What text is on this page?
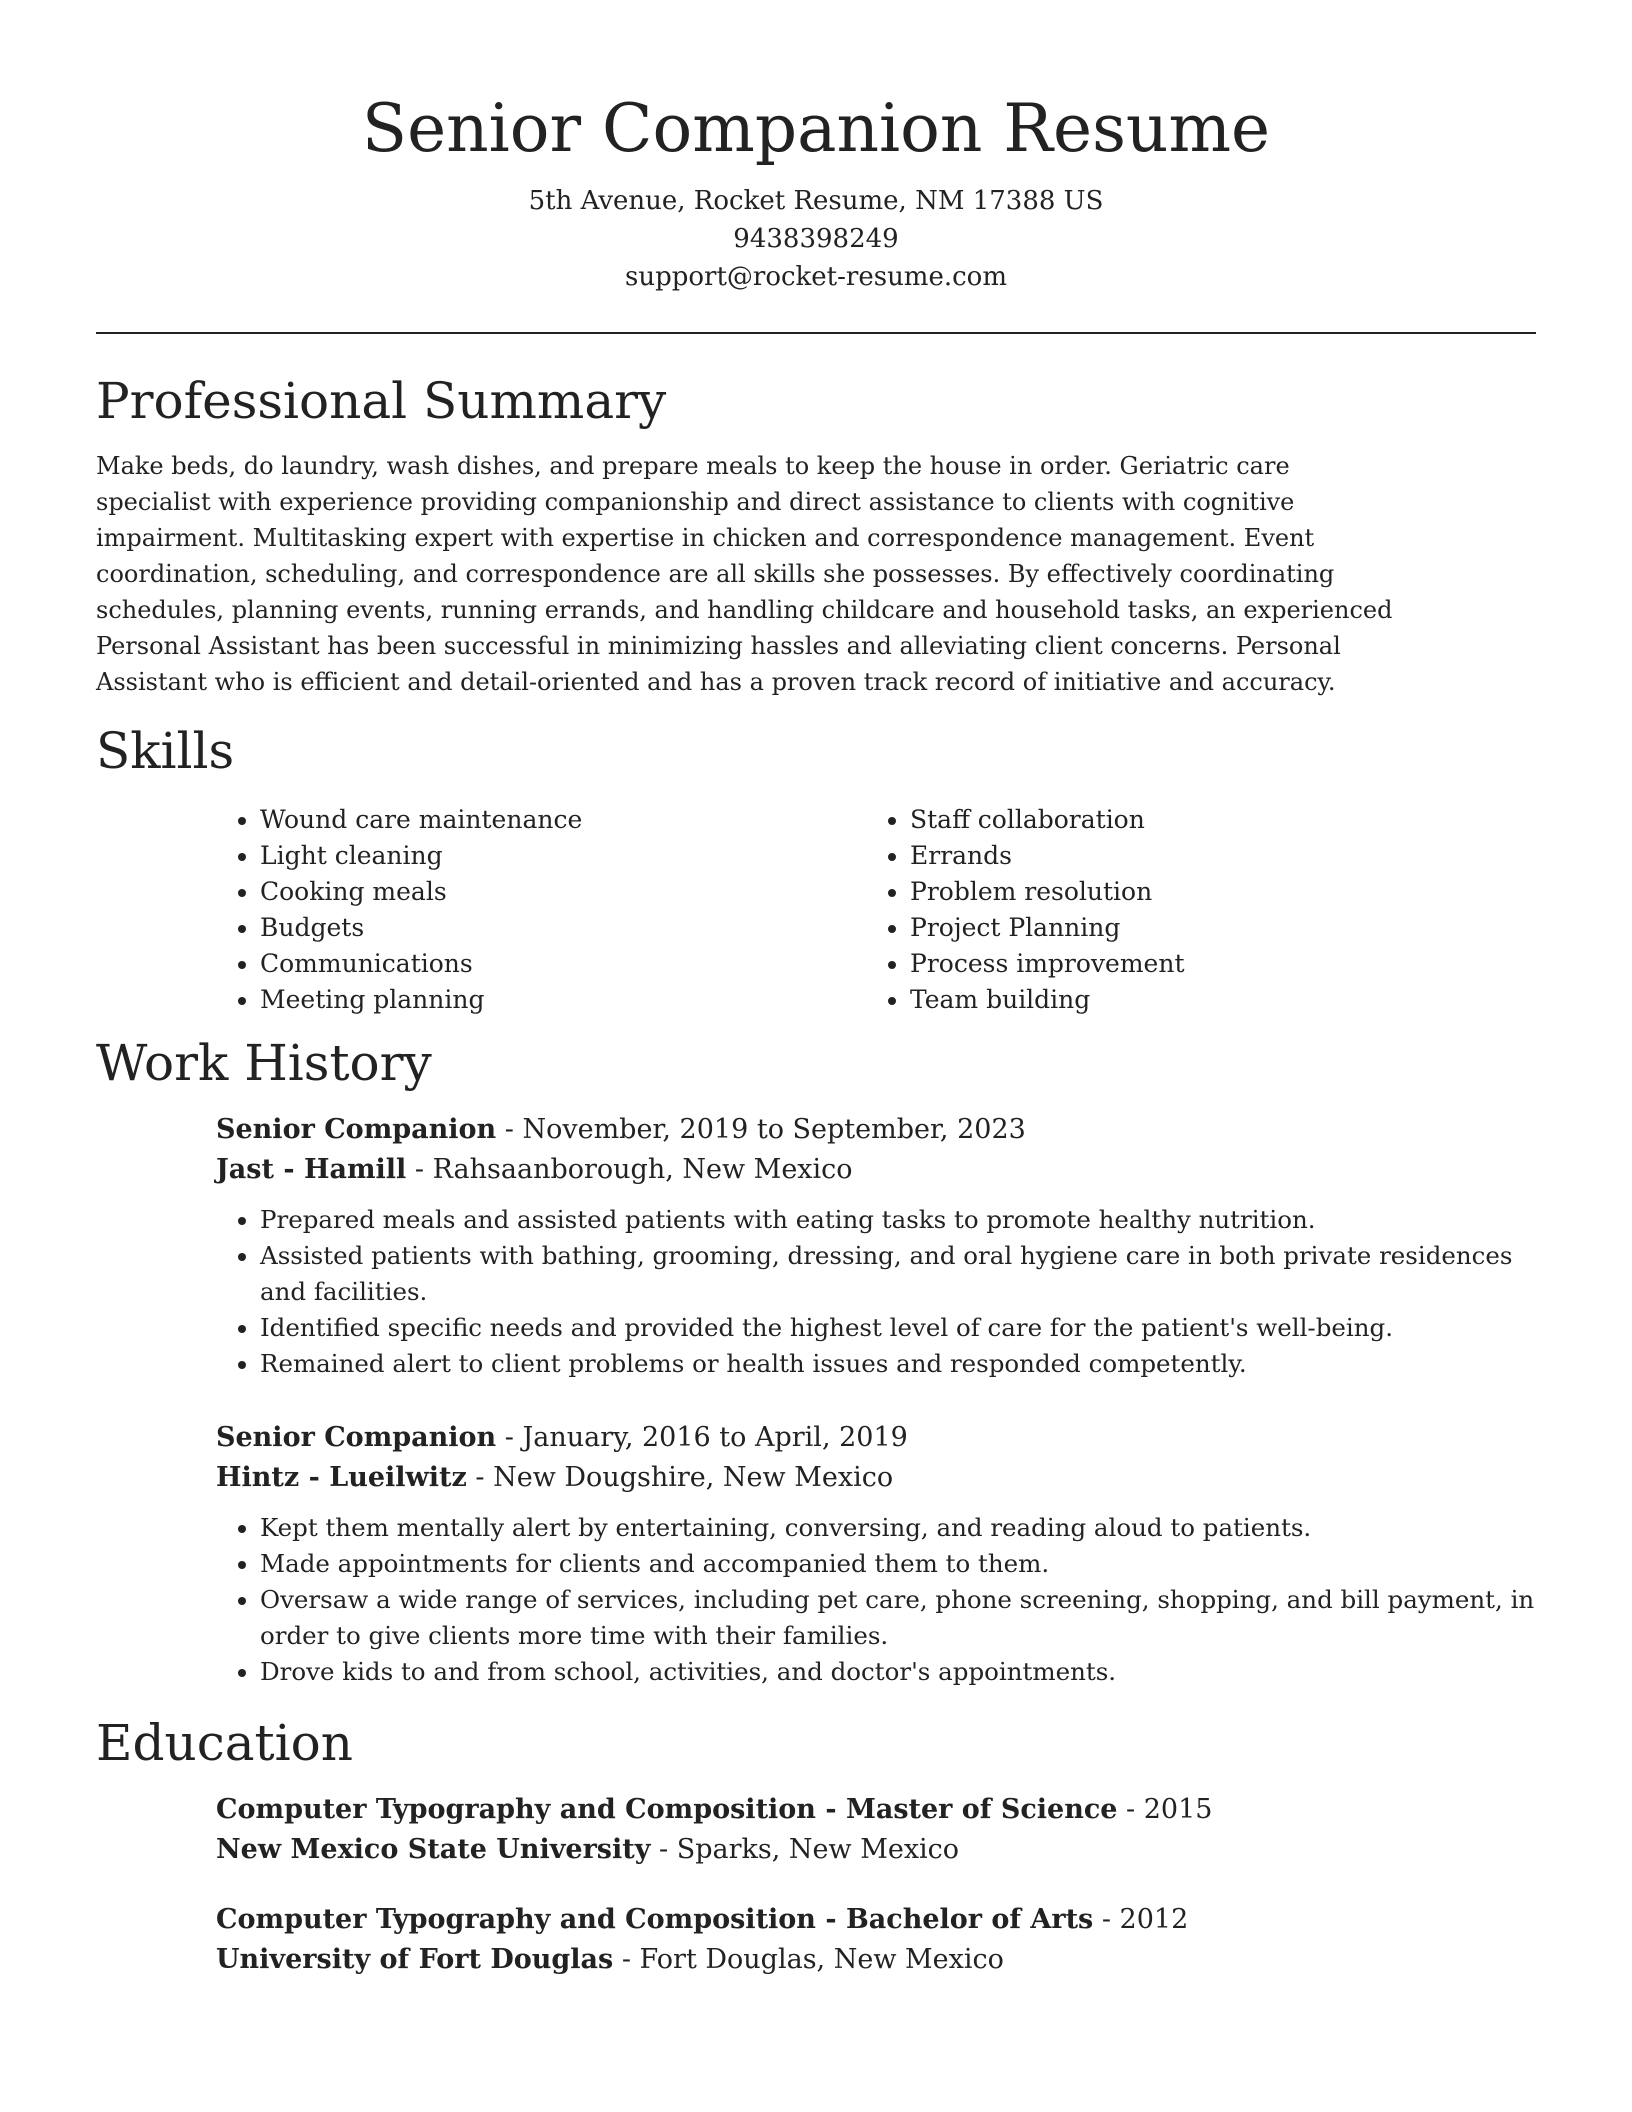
Senior Companion Resume

5th Avenue, Rocket Resume, NM 17388 US

9438398249

support@rocket-resume.com

Professional Summary

Make beds, do laundry, wash dishes, and prepare meals to keep the house in order. Geriatric care specialist with experience providing companionship and direct assistance to clients with cognitive impairment. Multitasking expert with expertise in chicken and correspondence management. Event coordination, scheduling, and correspondence are all skills she possesses. By effectively coordinating schedules, planning events, running errands, and handling childcare and household tasks, an experienced Personal Assistant has been successful in minimizing hassles and alleviating client concerns. Personal Assistant who is efficient and detail-oriented and has a proven track record of initiative and accuracy.

Skills
• Wound care maintenance
• Light cleaning
• Cooking meals
• Budgets
• Communications
• Meeting planning
• Staff collaboration
• Errands
• Problem resolution
• Project Planning
• Process improvement
• Team building
Work History

Senior Companion - November, 2019 to September, 2023

Jast - Hamill - Rahsaanborough, New Mexico

• Prepared meals and assisted patients with eating tasks to promote healthy nutrition.
• Assisted patients with bathing, grooming, dressing, and oral hygiene care in both private residences and facilities.
• Identified specific needs and provided the highest level of care for the patient's well-being.
• Remained alert to client problems or health issues and responded competently.

Senior Companion - January, 2016 to April, 2019

Hintz - Lueilwitz - New Dougshire, New Mexico

• Kept them mentally alert by entertaining, conversing, and reading aloud to patients.
• Made appointments for clients and accompanied them to them.
• Oversaw a wide range of services, including pet care, phone screening, shopping, and bill payment, in order to give clients more time with their families.
• Drove kids to and from school, activities, and doctor's appointments.
Education

Computer Typography and Composition - Master of Science - 2015

New Mexico State University - Sparks, New Mexico

Computer Typography and Composition - Bachelor of Arts - 2012

University of Fort Douglas - Fort Douglas, New Mexico
